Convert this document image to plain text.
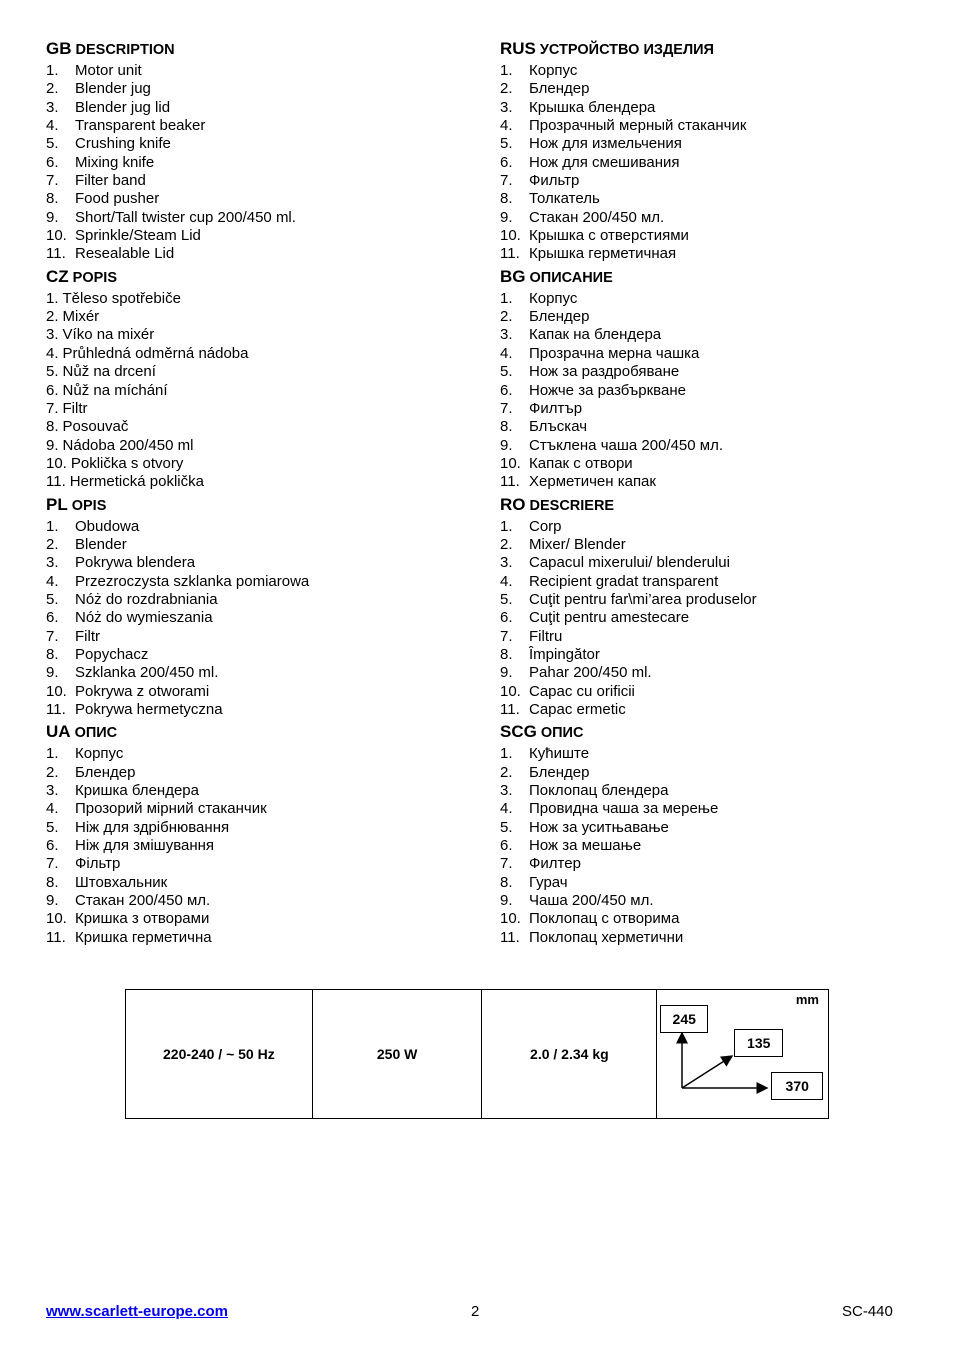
GB DESCRIPTION
1. Motor unit
2. Blender jug
3. Blender jug lid
4. Transparent beaker
5. Crushing knife
6. Mixing knife
7. Filter band
8. Food pusher
9. Short/Tall twister cup 200/450 ml.
10. Sprinkle/Steam Lid
11. Resealable Lid
CZ POPIS
1. Těleso spotřebiče
2. Mixér
3. Víko na mixér
4. Průhledná odměrná nádoba
5. Nůž na drcení
6. Nůž na míchání
7. Filtr
8. Posouvač
9. Nádoba 200/450 ml
10. Poklička s otvory
11. Hermetická poklička
PL OPIS
1. Obudowa
2. Blender
3. Pokrywa blendera
4. Przezroczysta szklanka pomiarowa
5. Nóż do rozdrabniania
6. Nóż do wymieszania
7. Filtr
8. Popychacz
9. Szklanka 200/450 ml.
10. Pokrywa z otworami
11. Pokrywa hermetyczna
UA ОПИС
1. Корпус
2. Блендер
3. Кришка блендера
4. Прозорий мірний стаканчик
5. Ніж для здрібнювання
6. Ніж для змішування
7. Фільтр
8. Штовхальник
9. Стакан 200/450 мл.
10. Кришка з отворами
11. Кришка герметична
RUS УСТРОЙСТВО ИЗДЕЛИЯ
1. Корпус
2. Блендер
3. Крышка блендера
4. Прозрачный мерный стаканчик
5. Нож для измельчения
6. Нож для смешивания
7. Фильтр
8. Толкатель
9. Стакан 200/450 мл.
10. Крышка с отверстиями
11. Крышка герметичная
BG ОПИСАНИЕ
1. Корпус
2. Блендер
3. Капак на блендера
4. Прозрачна мерна чашка
5. Нож за раздробяване
6. Ножче за разбъркване
7. Филтър
8. Блъскач
9. Стъклена чаша 200/450 мл.
10. Капак с отвори
11. Херметичен капак
RO DESCRIERE
1. Corp
2. Mixer/ Blender
3. Capacul mixerului/ blenderului
4. Recipient gradat transparent
5. Cuţit pentru far\mi’area produselor
6. Cuţit pentru amestecare
7. Filtru
8. Împingător
9. Pahar 200/450 ml.
10. Capac cu orificii
11. Capac ermetic
SCG ОПИС
1. Кућиште
2. Блендер
3. Поклопац блендера
4. Провидна чаша за мерење
5. Нож за уситњавање
6. Нож за мешање
7. Филтер
8. Гурач
9. Чаша 200/450 мл.
10. Поклопац с отворима
11. Поклопац херметични
220-240 / ~ 50 Hz	250 W	2.0 / 2.34 kg	
mm
245
135
370
www.scarlett-europe.com	2	SC-440
